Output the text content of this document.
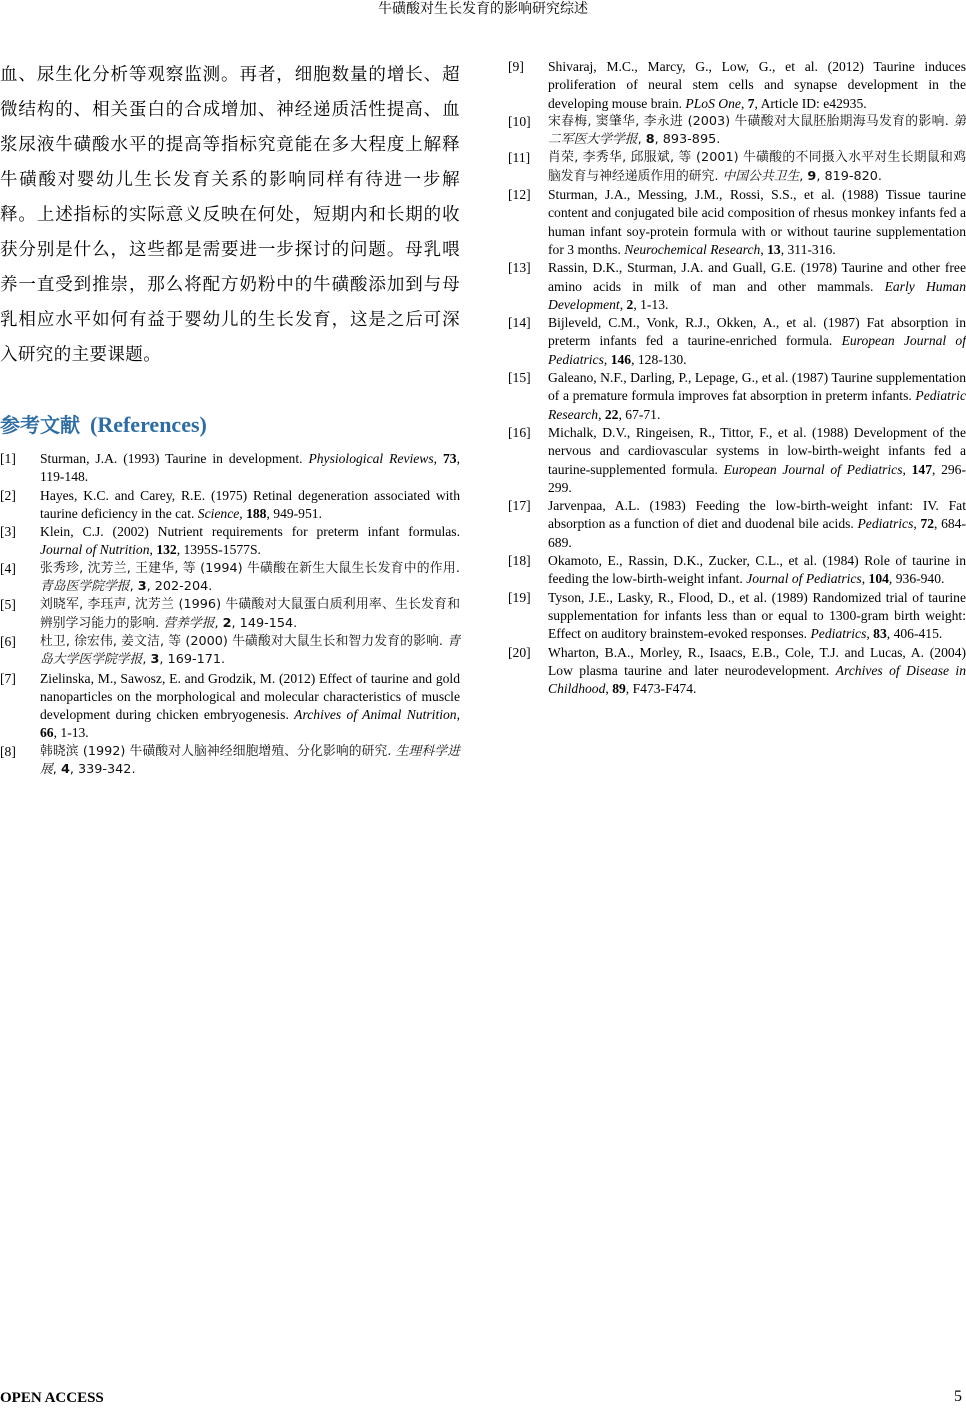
牛磺酸对生长发育的影响研究综述

血、尿生化分析等观察监测。再者，细胞数量的增长、超微结构的、相关蛋白的合成增加、神经递质活性提高、血浆尿液牛磺酸水平的提高等指标究竟能在多大程度上解释牛磺酸对婴幼儿生长发育关系的影响同样有待进一步解释。上述指标的实际意义反映在何处，短期内和长期的收获分别是什么，这些都是需要进一步探讨的问题。母乳喂养一直受到推崇，那么将配方奶粉中的牛磺酸添加到与母乳相应水平如何有益于婴幼儿的生长发育，这是之后可深入研究的主要课题。

参考文献 (References)
[1]	Sturman, J.A. (1993) Taurine in development. Physiological Reviews, 73, 119-148.
[2]	Hayes, K.C. and Carey, R.E. (1975) Retinal degeneration associated with taurine deficiency in the cat. Science, 188, 949-951.
[3]	Klein, C.J. (2002) Nutrient requirements for preterm infant formulas. Journal of Nutrition, 132, 1395S-1577S.
[4]	张秀珍, 沈芳兰, 王建华, 等 (1994) 牛磺酸在新生大鼠生长发育中的作用. 青岛医学院学报, 3, 202-204.
[5]	刘晓军, 李珏声, 沈芳兰 (1996) 牛磺酸对大鼠蛋白质利用率、生长发育和辨别学习能力的影响. 营养学报, 2, 149-154.
[6]	杜卫, 徐宏伟, 姜文洁, 等 (2000) 牛磺酸对大鼠生长和智力发育的影响. 青岛大学医学院学报, 3, 169-171.
[7]	Zielinska, M., Sawosz, E. and Grodzik, M. (2012) Effect of taurine and gold nanoparticles on the morphological and molecular characteristics of muscle development during chicken embryogenesis. Archives of Animal Nutrition, 66, 1-13.
[8]	韩晓滨 (1992) 牛磺酸对人脑神经细胞增殖、分化影响的研究. 生理科学进展, 4, 339-342.
[9]	Shivaraj, M.C., Marcy, G., Low, G., et al. (2012) Taurine induces proliferation of neural stem cells and synapse development in the developing mouse brain. PLoS One, 7, Article ID: e42935.
[10]	宋春梅, 窦肇华, 李永进 (2003) 牛磺酸对大鼠胚胎期海马发育的影响. 第二军医大学学报, 8, 893-895.
[11]	肖荣, 李秀华, 邱服斌, 等 (2001) 牛磺酸的不同摄入水平对生长期鼠和鸡脑发育与神经递质作用的研究. 中国公共卫生, 9, 819-820.
[12]	Sturman, J.A., Messing, J.M., Rossi, S.S., et al. (1988) Tissue taurine content and conjugated bile acid composition of rhesus monkey infants fed a human infant soy-protein formula with or without taurine supplementation for 3 months. Neurochemical Research, 13, 311-316.
[13]	Rassin, D.K., Sturman, J.A. and Guall, G.E. (1978) Taurine and other free amino acids in milk of man and other mammals. Early Human Development, 2, 1-13.
[14]	Bijleveld, C.M., Vonk, R.J., Okken, A., et al. (1987) Fat absorption in preterm infants fed a taurine-enriched formula. European Journal of Pediatrics, 146, 128-130.
[15]	Galeano, N.F., Darling, P., Lepage, G., et al. (1987) Taurine supplementation of a premature formula improves fat absorption in preterm infants. Pediatric Research, 22, 67-71.
[16]	Michalk, D.V., Ringeisen, R., Tittor, F., et al. (1988) Development of the nervous and cardiovascular systems in low-birth-weight infants fed a taurine-supplemented formula. European Journal of Pediatrics, 147, 296-299.
[17]	Jarvenpaa, A.L. (1983) Feeding the low-birth-weight infant: IV. Fat absorption as a function of diet and duodenal bile acids. Pediatrics, 72, 684-689.
[18]	Okamoto, E., Rassin, D.K., Zucker, C.L., et al. (1984) Role of taurine in feeding the low-birth-weight infant. Journal of Pediatrics, 104, 936-940.
[19]	Tyson, J.E., Lasky, R., Flood, D., et al. (1989) Randomized trial of taurine supplementation for infants less than or equal to 1300-gram birth weight: Effect on auditory brainstem-evoked responses. Pediatrics, 83, 406-415.
[20]	Wharton, B.A., Morley, R., Isaacs, E.B., Cole, T.J. and Lucas, A. (2004) Low plasma taurine and later neurodevelopment. Archives of Disease in Childhood, 89, F473-F474.
OPEN ACCESS	5
